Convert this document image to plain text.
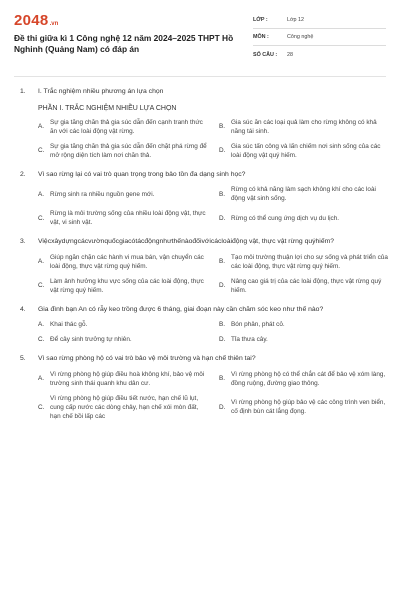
2048 .vn
Đề thi giữa kì 1 Công nghệ 12 năm 2024–2025 THPT Hồ Nghinh (Quảng Nam) có đáp án
LỚP :	Lớp 12
MÔN :	Công nghệ
SỐ CÂU :	28
1.	I. Trắc nghiệm nhiều phương án lựa chọn
PHẦN I. TRẮC NGHIỆM NHIỀU LỰA CHỌN
A.
Sự gia tăng chăn thả gia súc dẫn đến cạnh tranh thức ăn với các loài động vật rừng.
B.
Gia súc ăn các loại quả làm cho rừng không có khả năng tái sinh.
C.
Sự gia tăng chăn thả gia súc dẫn đến chặt phá rừng để mở rộng diện tích làm nơi chăn thả.
D.
Gia súc tấn công và lấn chiếm nơi sinh sống của các loài động vật quý hiếm.
2.	Vì sao rừng lại có vai trò quan trọng trong bảo tồn đa dạng sinh học?
A. Rừng sinh ra nhiều nguồn gene mới.	B.
Rừng có khả năng làm sạch không khí cho các loài động vật sinh sống.
C.
Rừng là môi trường sống của nhiều loài động vật, thực vật, vi sinh vật.
D. Rừng có thể cung ứng dịch vụ du lịch.
3.	Việcxâydựngcácvườnquốcgiacótácđộngnhưthếnàođốivớicácloàiđộng vật, thực vật rừng quýhiếm?
A.
Giúp ngăn chặn các hành vi mua bán, vận chuyển các loài động, thực vật rừng quý hiếm.
B.
Tạo môi trường thuận lợi cho sự sống và phát triển của các loài động, thực vật rừng quý hiếm.
C.
Làm ảnh hưởng khu vực sống của các loài động, thực vật rừng quý hiếm.
D.
Nâng cao giá trị của các loài động, thực vật rừng quý hiếm.
4.	Gia đình bạn An có rẫy keo trồng được 6 tháng, giai đoạn này cần chăm sóc keo như thế nào?
A. Khai thác gỗ.	B. Bón phân, phát cỏ.
C. Để cây sinh trưởng tự nhiên.	D. Tỉa thưa cây.
5.	Vì sao rừng phòng hộ có vai trò bảo vệ môi trường và hạn chế thiên tai?
A.
Vì rừng phòng hộ giúp điều hoà không khí, bảo vệ môi trường sinh thái quanh khu dân cư.
B.
Vì rừng phòng hộ có thể chắn cát để bảo vệ xóm làng, đồng ruộng, đường giao thông.
C.
Vì rừng phòng hộ giúp điều tiết nước, hạn chế lũ lụt, cung cấp nước các dòng chảy, hạn chế xói mòn đất, hạn chế bồi lấp các
D.
Vì rừng phòng hộ giúp bảo vệ các công trình ven biển, cố định bùn cát lắng đọng.
